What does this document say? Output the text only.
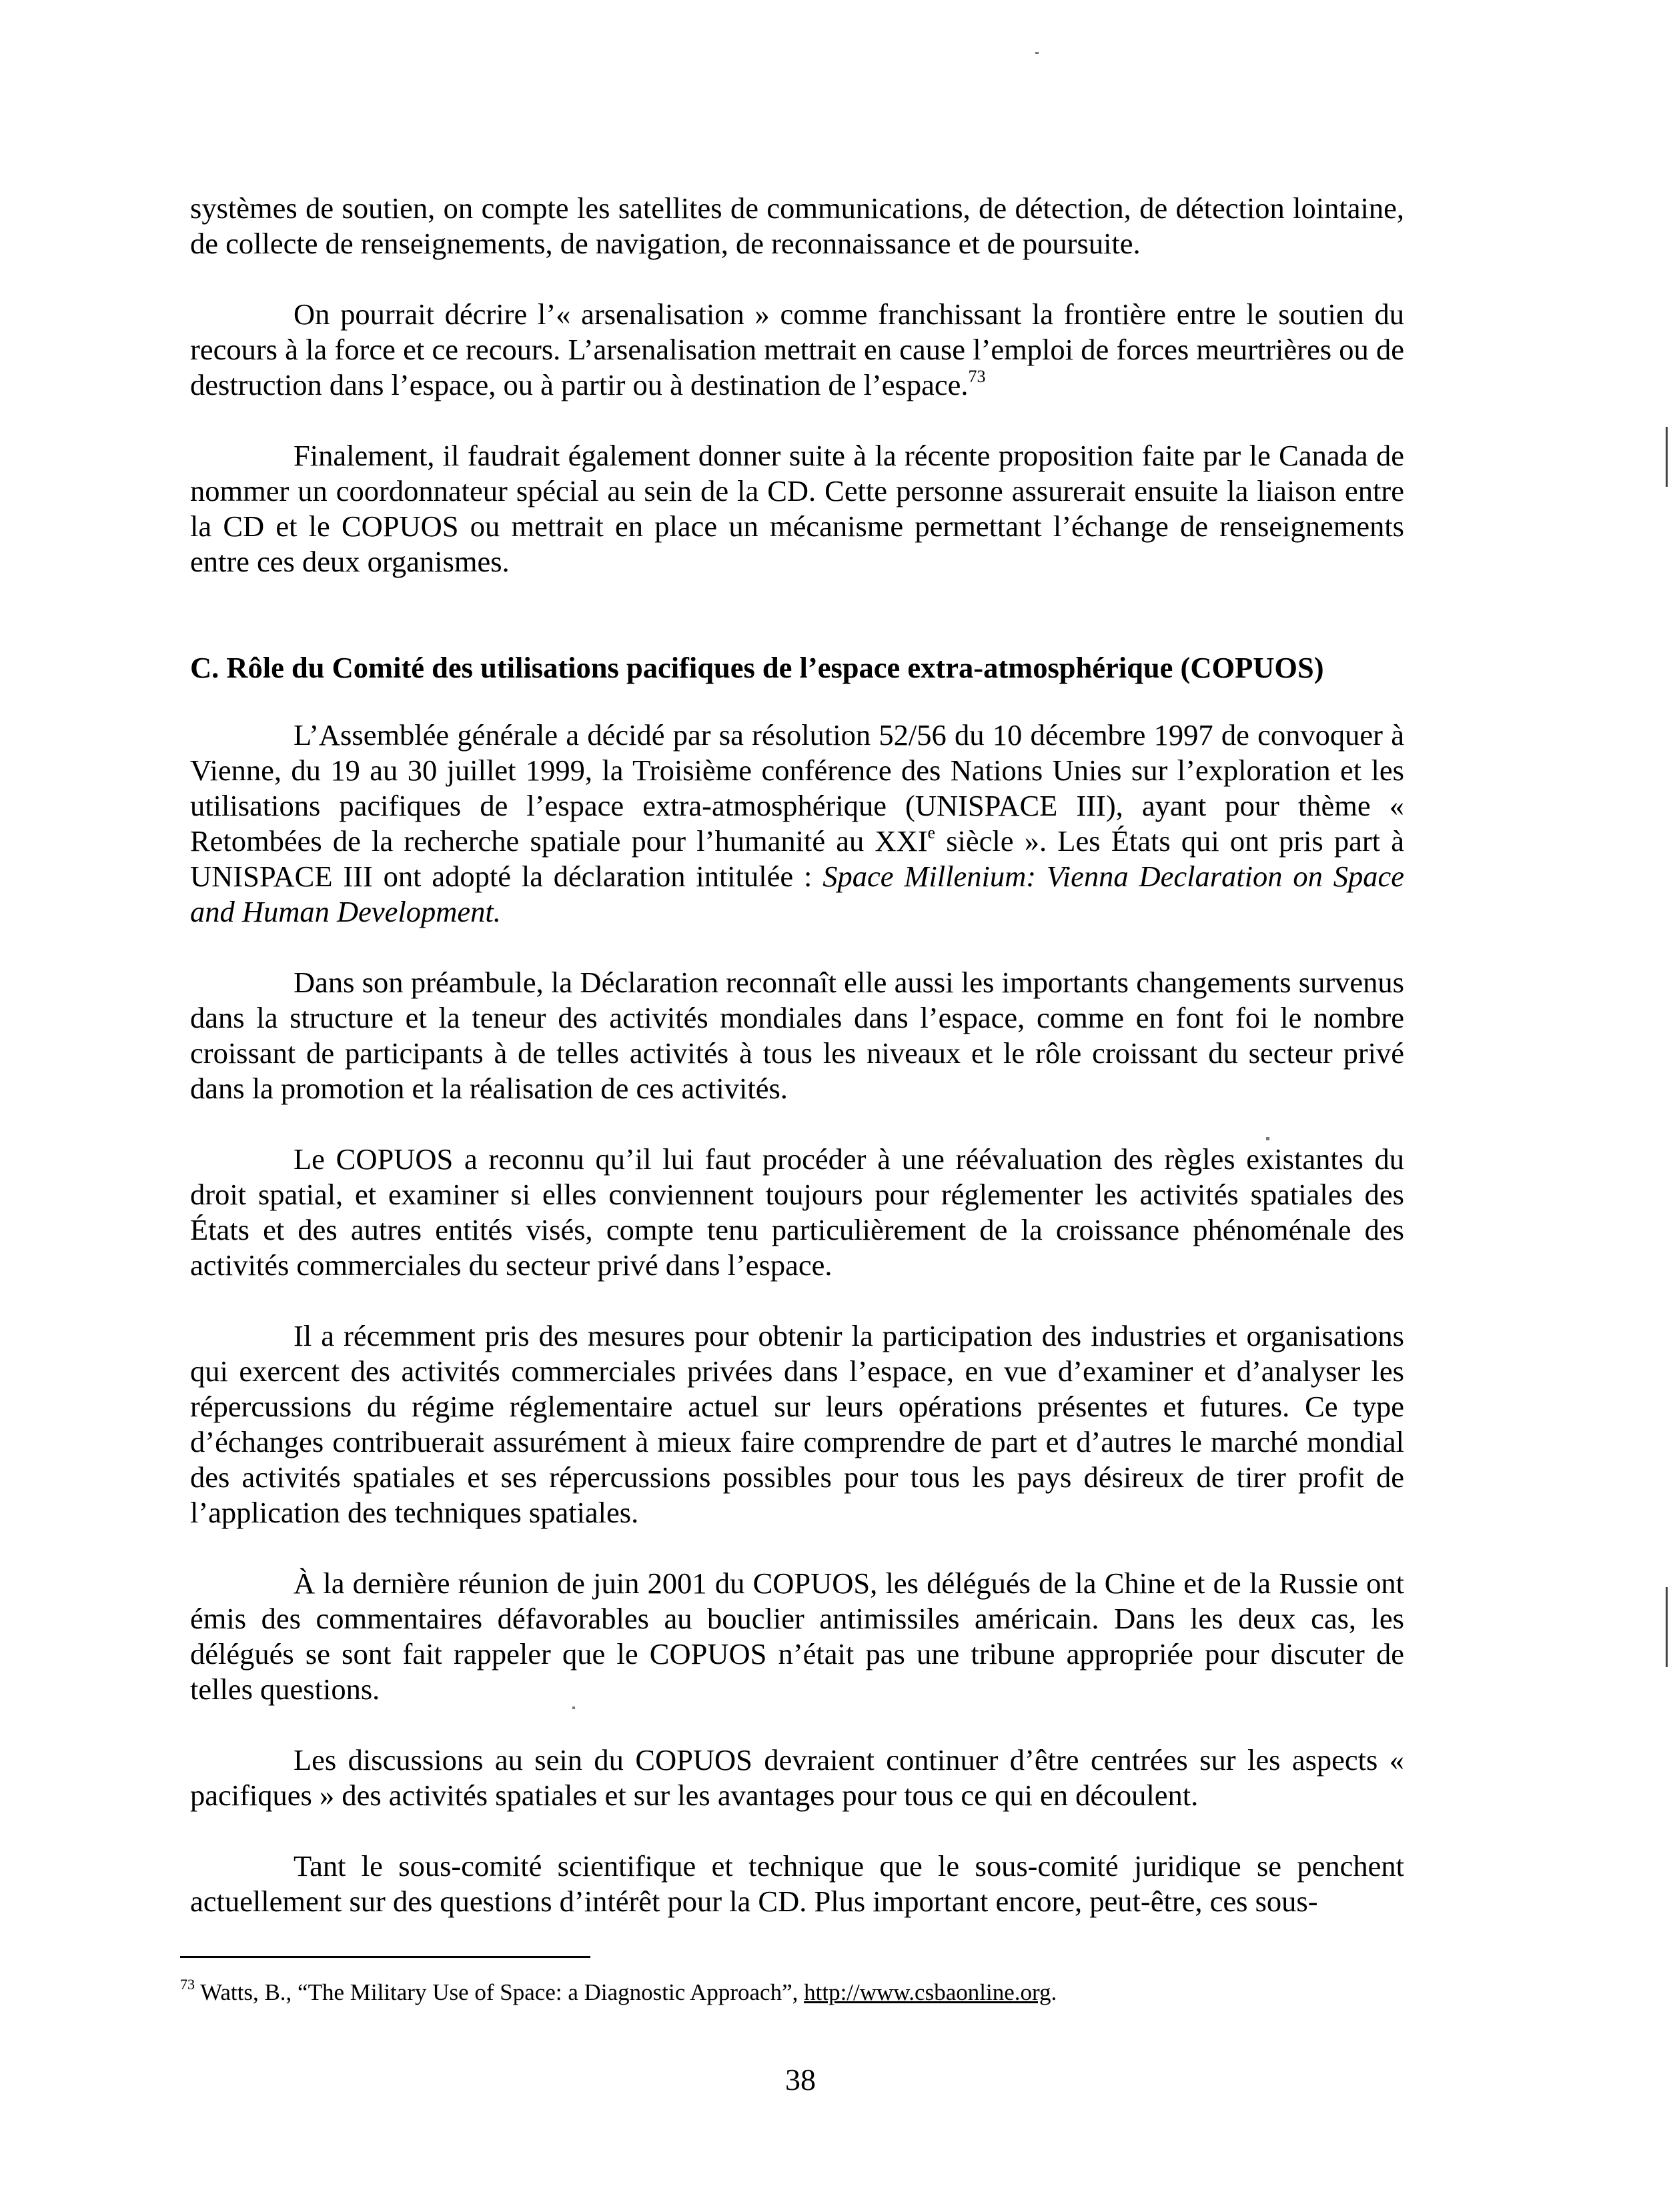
systèmes de soutien, on compte les satellites de communications, de détection, de détection lointaine, de collecte de renseignements, de navigation, de reconnaissance et de poursuite.

On pourrait décrire l’« arsenalisation » comme franchissant la frontière entre le soutien du recours à la force et ce recours. L’arsenalisation mettrait en cause l’emploi de forces meurtrières ou de destruction dans l’espace, ou à partir ou à destination de l’espace.$^{73}$

Finalement, il faudrait également donner suite à la récente proposition faite par le Canada de nommer un coordonnateur spécial au sein de la CD. Cette personne assurerait ensuite la liaison entre la CD et le COPUOS ou mettrait en place un mécanisme permettant l’échange de renseignements entre ces deux organismes.

C. Rôle du Comité des utilisations pacifiques de l’espace extra-atmosphérique (COPUOS)

L’Assemblée générale a décidé par sa résolution 52/56 du 10 décembre 1997 de convoquer à Vienne, du 19 au 30 juillet 1999, la Troisième conférence des Nations Unies sur l’exploration et les utilisations pacifiques de l’espace extra-atmosphérique (UNISPACE III), ayant pour thème « Retombées de la recherche spatiale pour l’humanité au XXIe siècle ». Les États qui ont pris part à UNISPACE III ont adopté la déclaration intitulée : Space Millenium: Vienna Declaration on Space and Human Development.

Dans son préambule, la Déclaration reconnaît elle aussi les importants changements survenus dans la structure et la teneur des activités mondiales dans l’espace, comme en font foi le nombre croissant de participants à de telles activités à tous les niveaux et le rôle croissant du secteur privé dans la promotion et la réalisation de ces activités.

Le COPUOS a reconnu qu’il lui faut procéder à une réévaluation des règles existantes du droit spatial, et examiner si elles conviennent toujours pour réglementer les activités spatiales des États et des autres entités visés, compte tenu particulièrement de la croissance phénoménale des activités commerciales du secteur privé dans l’espace.

Il a récemment pris des mesures pour obtenir la participation des industries et organisations qui exercent des activités commerciales privées dans l’espace, en vue d’examiner et d’analyser les répercussions du régime réglementaire actuel sur leurs opérations présentes et futures. Ce type d’échanges contribuerait assurément à mieux faire comprendre de part et d’autres le marché mondial des activités spatiales et ses répercussions possibles pour tous les pays désireux de tirer profit de l’application des techniques spatiales.

À la dernière réunion de juin 2001 du COPUOS, les délégués de la Chine et de la Russie ont émis des commentaires défavorables au bouclier antimissiles américain. Dans les deux cas, les délégués se sont fait rappeler que le COPUOS n’était pas une tribune appropriée pour discuter de telles questions.

Les discussions au sein du COPUOS devraient continuer d’être centrées sur les aspects « pacifiques » des activités spatiales et sur les avantages pour tous ce qui en découlent.

Tant le sous-comité scientifique et technique que le sous-comité juridique se penchent actuellement sur des questions d’intérêt pour la CD. Plus important encore, peut-être, ces sous-

$^{73}$ Watts, B., “The Military Use of Space: a Diagnostic Approach”, http://www.csbaonline.org.
38
